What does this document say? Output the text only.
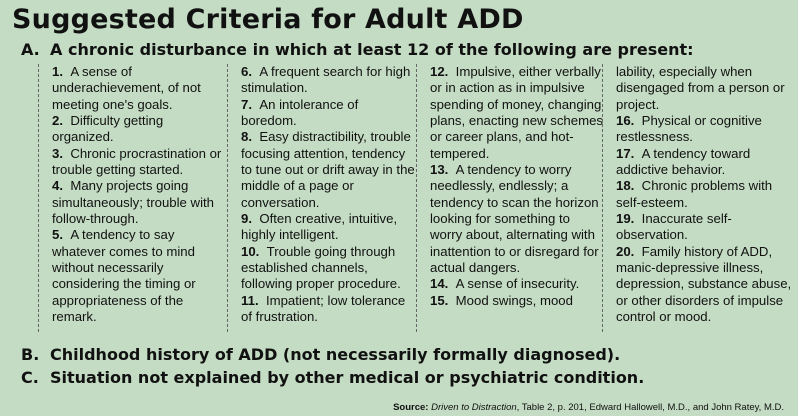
Suggested Criteria for Adult ADD
A. A chronic disturbance in which at least 12 of the following are present:
1. A sense of underachievement, of not meeting one's goals.
2. Difficulty getting organized.
3. Chronic procrastination or trouble getting started.
4. Many projects going simultaneously; trouble with follow-through.
5. A tendency to say whatever comes to mind without necessarily considering the timing or appropriateness of the remark.
6. A frequent search for high stimulation.
7. An intolerance of boredom.
8. Easy distractibility, trouble focusing attention, tendency to tune out or drift away in the middle of a page or conversation.
9. Often creative, intuitive, highly intelligent.
10. Trouble going through established channels, following proper procedure.
11. Impatient; low tolerance of frustration.
12. Impulsive, either verbally or in action as in impulsive spending of money, changing plans, enacting new schemes or career plans, and hot-tempered.
13. A tendency to worry needlessly, endlessly; a tendency to scan the horizon looking for something to worry about, alternating with inattention to or disregard for actual dangers.
14. A sense of insecurity.
15. Mood swings, mood
lability, especially when disengaged from a person or project.
16. Physical or cognitive restlessness.
17. A tendency toward addictive behavior.
18. Chronic problems with self-esteem.
19. Inaccurate self-observation.
20. Family history of ADD, manic-depressive illness, depression, substance abuse, or other disorders of impulse control or mood.
B. Childhood history of ADD (not necessarily formally diagnosed).
C. Situation not explained by other medical or psychiatric condition.
Source: Driven to Distraction, Table 2, p. 201, Edward Hallowell, M.D., and John Ratey, M.D.
